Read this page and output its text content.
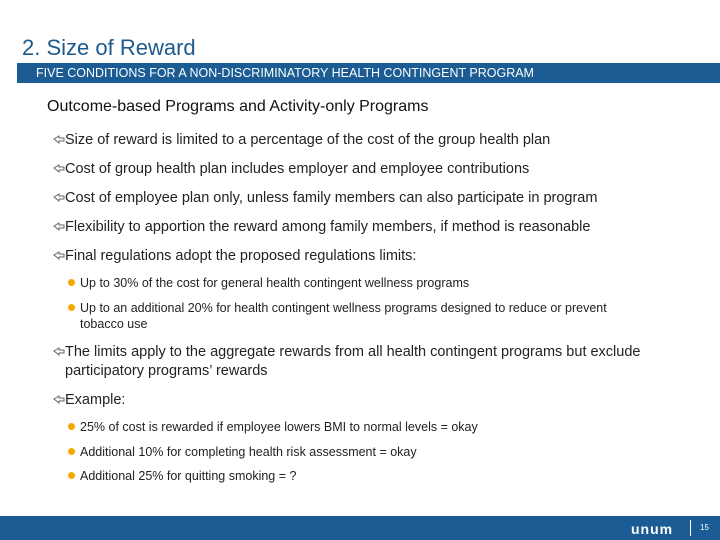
2. Size of Reward
FIVE CONDITIONS FOR A NON-DISCRIMINATORY HEALTH CONTINGENT PROGRAM
Outcome-based Programs and Activity-only Programs
Size of reward is limited to a percentage of the cost of the group health plan
Cost of group health plan includes employer and employee contributions
Cost of employee plan only, unless family members can also participate in program
Flexibility to apportion the reward among family members, if method is reasonable
Final regulations adopt the proposed regulations limits:
Up to 30% of the cost for general health contingent wellness programs
Up to an additional 20% for health contingent wellness programs designed to reduce or prevent tobacco use
The limits apply to the aggregate rewards from all health contingent programs but exclude participatory programs’ rewards
Example:
25% of cost is rewarded if employee lowers BMI to normal levels = okay
Additional 10% for completing health risk assessment = okay
Additional 25% for quitting smoking = ?
unum	15
